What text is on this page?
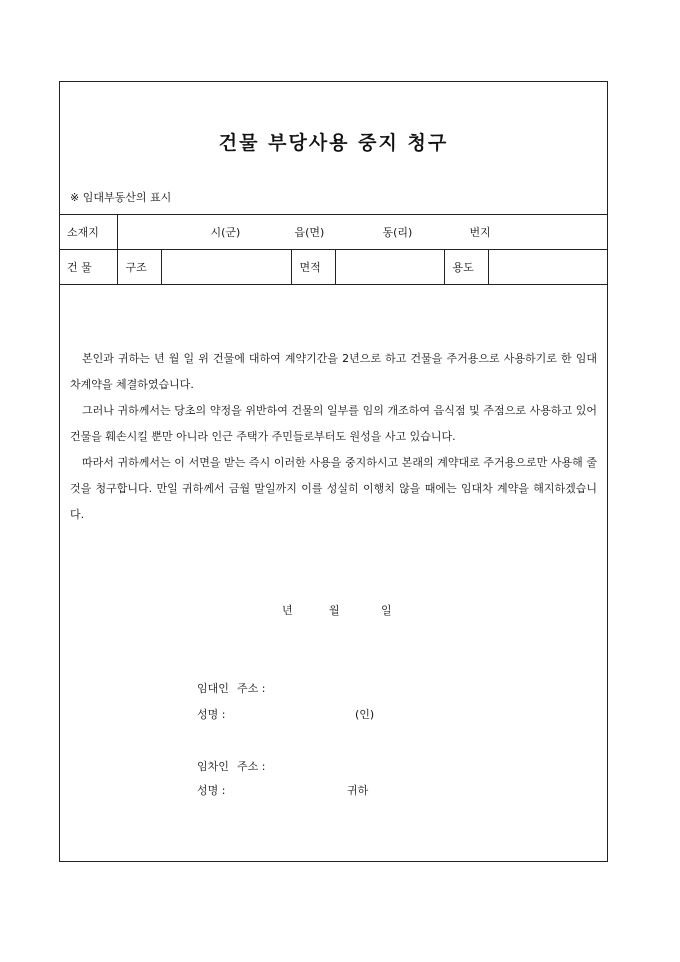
건물 부당사용 중지 청구
※ 임대부동산의 표시
소재지	시(군) 읍(면) 동(리) 번지					
건 물	구조		면적		용도	

본인과 귀하는 년 월 일 위 건물에 대하여 계약기간을 2년으로 하고 건물을 주거용으로 사용하기로 한 임대차계약을 체결하였습니다.

그러나 귀하께서는 당초의 약정을 위반하여 건물의 일부를 임의 개조하여 음식점 및 주점으로 사용하고 있어 건물을 훼손시킬 뿐만 아니라 인근 주택가 주민들로부터도 원성을 사고 있습니다.

따라서 귀하께서는 이 서면을 받는 즉시 이러한 사용을 중지하시고 본래의 계약대로 주거용으로만 사용해 줄 것을 청구합니다. 만일 귀하께서 금월 말일까지 이를 성실히 이행치 않을 때에는 임대차 계약을 해지하겠습니다.

년	월	일
임대인 주소 :
성명 :	(인)
임차인 주소 :
성명 :	귀하
